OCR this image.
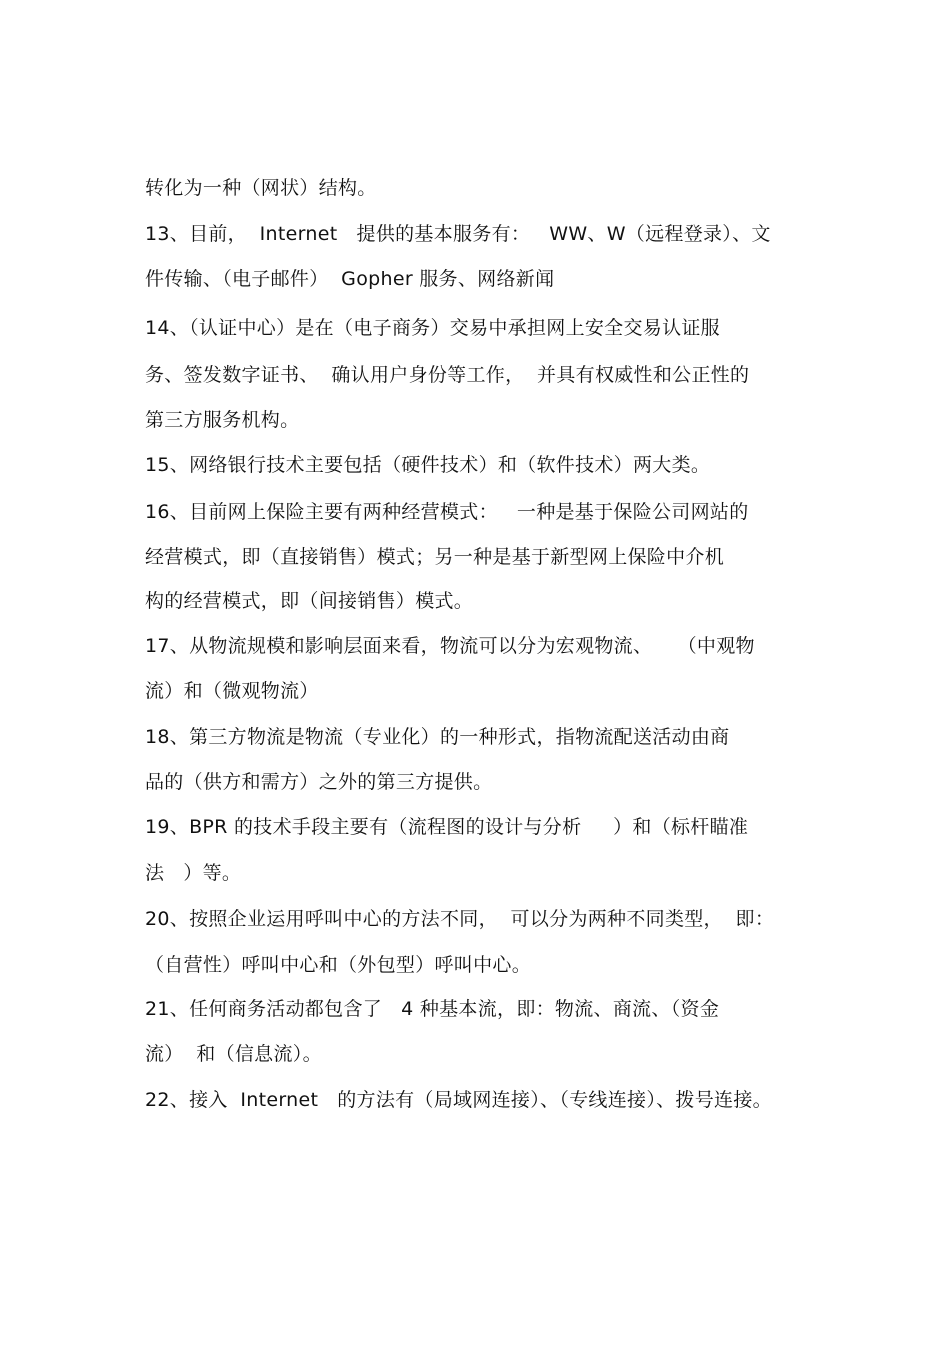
转化为一种（网状）结构。
13、目前，  Internet   提供的基本服务有：   WW、W（远程登录）、文
件传输、（电子邮件）  Gopher 服务、网络新闻
14、（认证中心）是在（电子商务）交易中承担网上安全交易认证服
务、签发数字证书、  确认用户身份等工作，  并具有权威性和公正性的
第三方服务机构。
15、网络银行技术主要包括（硬件技术）和（软件技术）两大类。
16、目前网上保险主要有两种经营模式：   一种是基于保险公司网站的
经营模式，即（直接销售）模式；另一种是基于新型网上保险中介机
构的经营模式，即（间接销售）模式。
17、从物流规模和影响层面来看，物流可以分为宏观物流、    （中观物
流）和（微观物流）
18、第三方物流是物流（专业化）的一种形式，指物流配送活动由商
品的（供方和需方）之外的第三方提供。
19、BPR 的技术手段主要有（流程图的设计与分析     ）和（标杆瞄准
法   ）等。
20、按照企业运用呼叫中心的方法不同，  可以分为两种不同类型，  即：
（自营性）呼叫中心和（外包型）呼叫中心。
21、任何商务活动都包含了   4 种基本流，即：物流、商流、（资金
流）  和（信息流）。
22、接入  Internet   的方法有（局域网连接）、（专线连接）、拨号连接。
